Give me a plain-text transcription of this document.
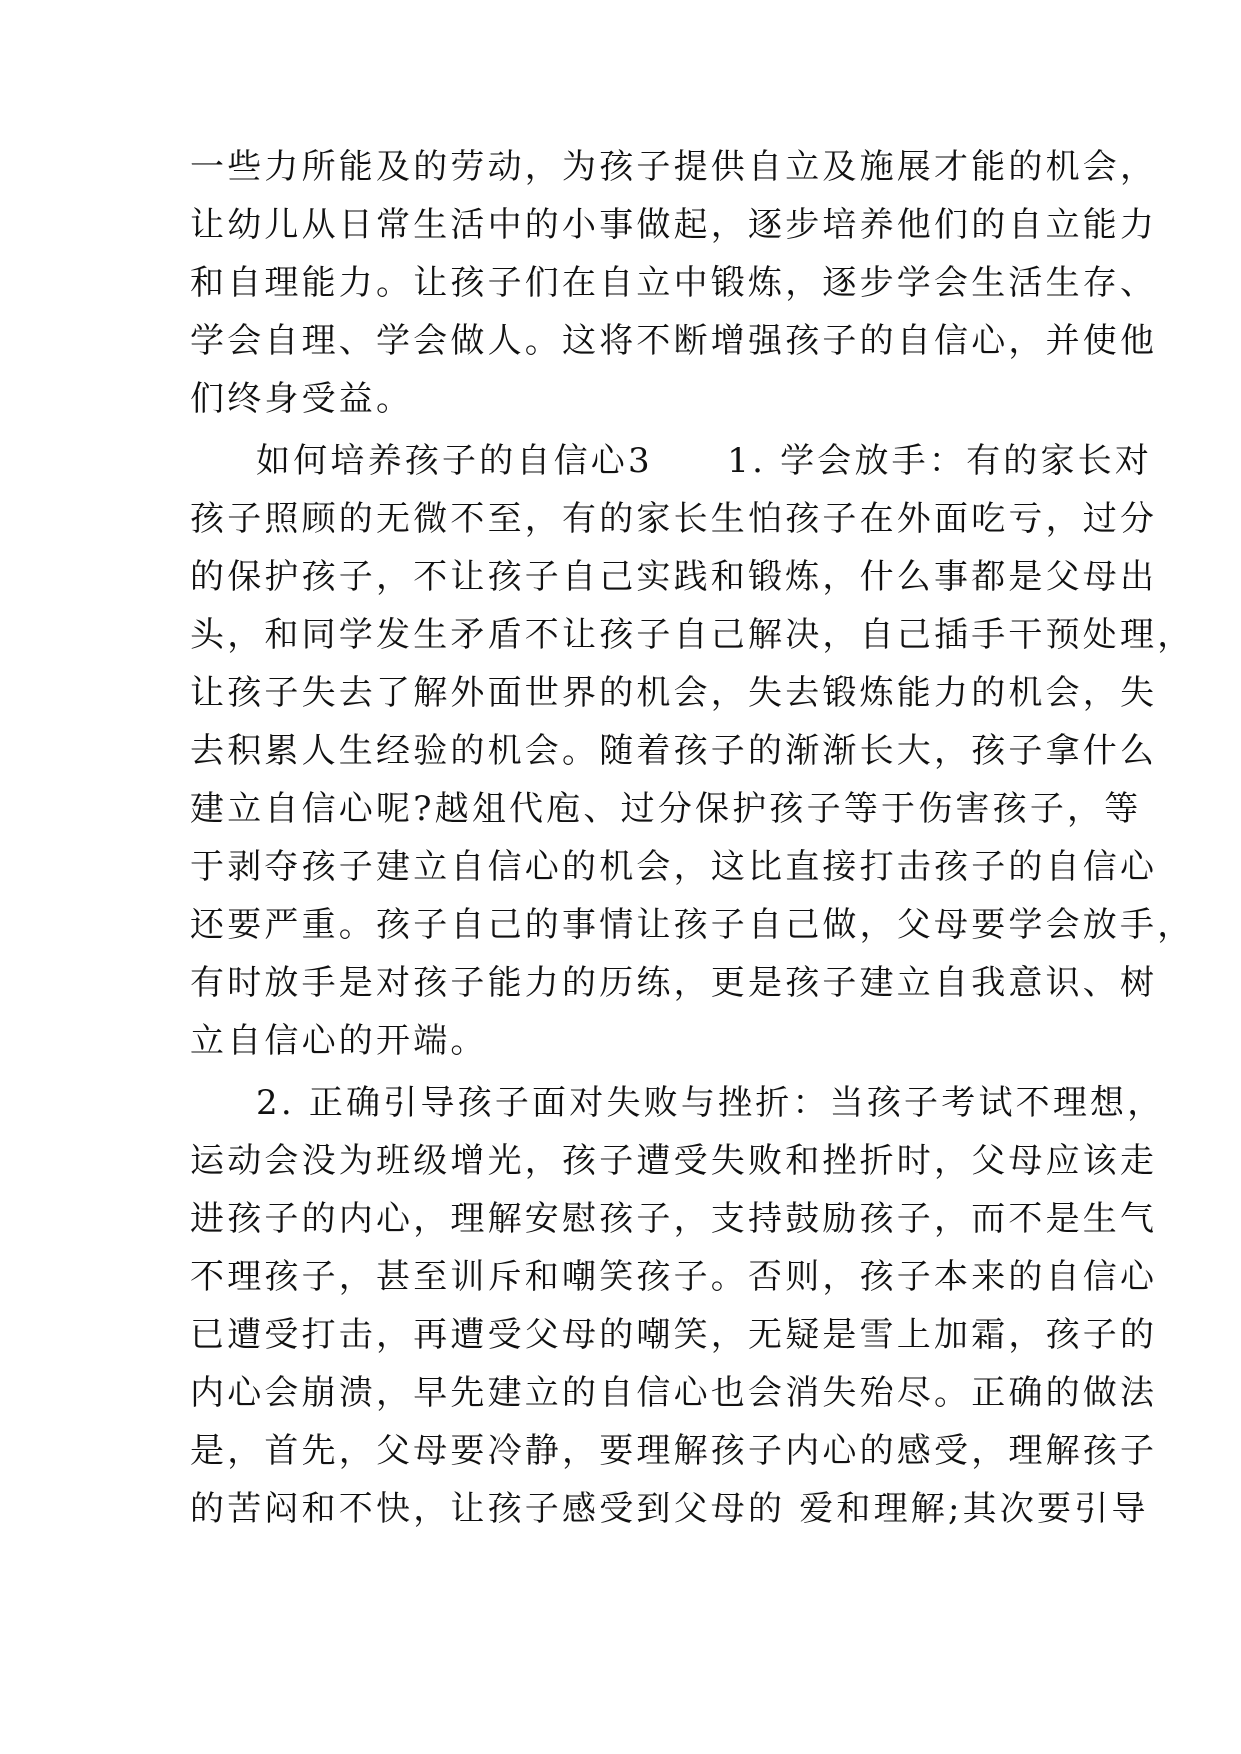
一些力所能及的劳动，为孩子提供自立及施展才能的机会，
让幼儿从日常生活中的小事做起，逐步培养他们的自立能力
和自理能力。让孩子们在自立中锻炼，逐步学会生活生存、
学会自理、学会做人。这将不断增强孩子的自信心，并使他
们终身受益。
如何培养孩子的自信心3　　1. 学会放手：有的家长对
孩子照顾的无微不至，有的家长生怕孩子在外面吃亏，过分
的保护孩子，不让孩子自己实践和锻炼，什么事都是父母出
头，和同学发生矛盾不让孩子自己解决，自己插手干预处理，
让孩子失去了解外面世界的机会，失去锻炼能力的机会，失
去积累人生经验的机会。随着孩子的渐渐长大，孩子拿什么
建立自信心呢?越俎代庖、过分保护孩子等于伤害孩子，等
于剥夺孩子建立自信心的机会，这比直接打击孩子的自信心
还要严重。孩子自己的事情让孩子自己做，父母要学会放手，
有时放手是对孩子能力的历练，更是孩子建立自我意识、树
立自信心的开端。
2. 正确引导孩子面对失败与挫折：当孩子考试不理想，
运动会没为班级增光，孩子遭受失败和挫折时，父母应该走
进孩子的内心，理解安慰孩子，支持鼓励孩子，而不是生气
不理孩子，甚至训斥和嘲笑孩子。否则，孩子本来的自信心
已遭受打击，再遭受父母的嘲笑，无疑是雪上加霜，孩子的
内心会崩溃，早先建立的自信心也会消失殆尽。正确的做法
是，首先，父母要冷静，要理解孩子内心的感受，理解孩子
的苦闷和不快，让孩子感受到父母的 爱和理解;其次要引导
